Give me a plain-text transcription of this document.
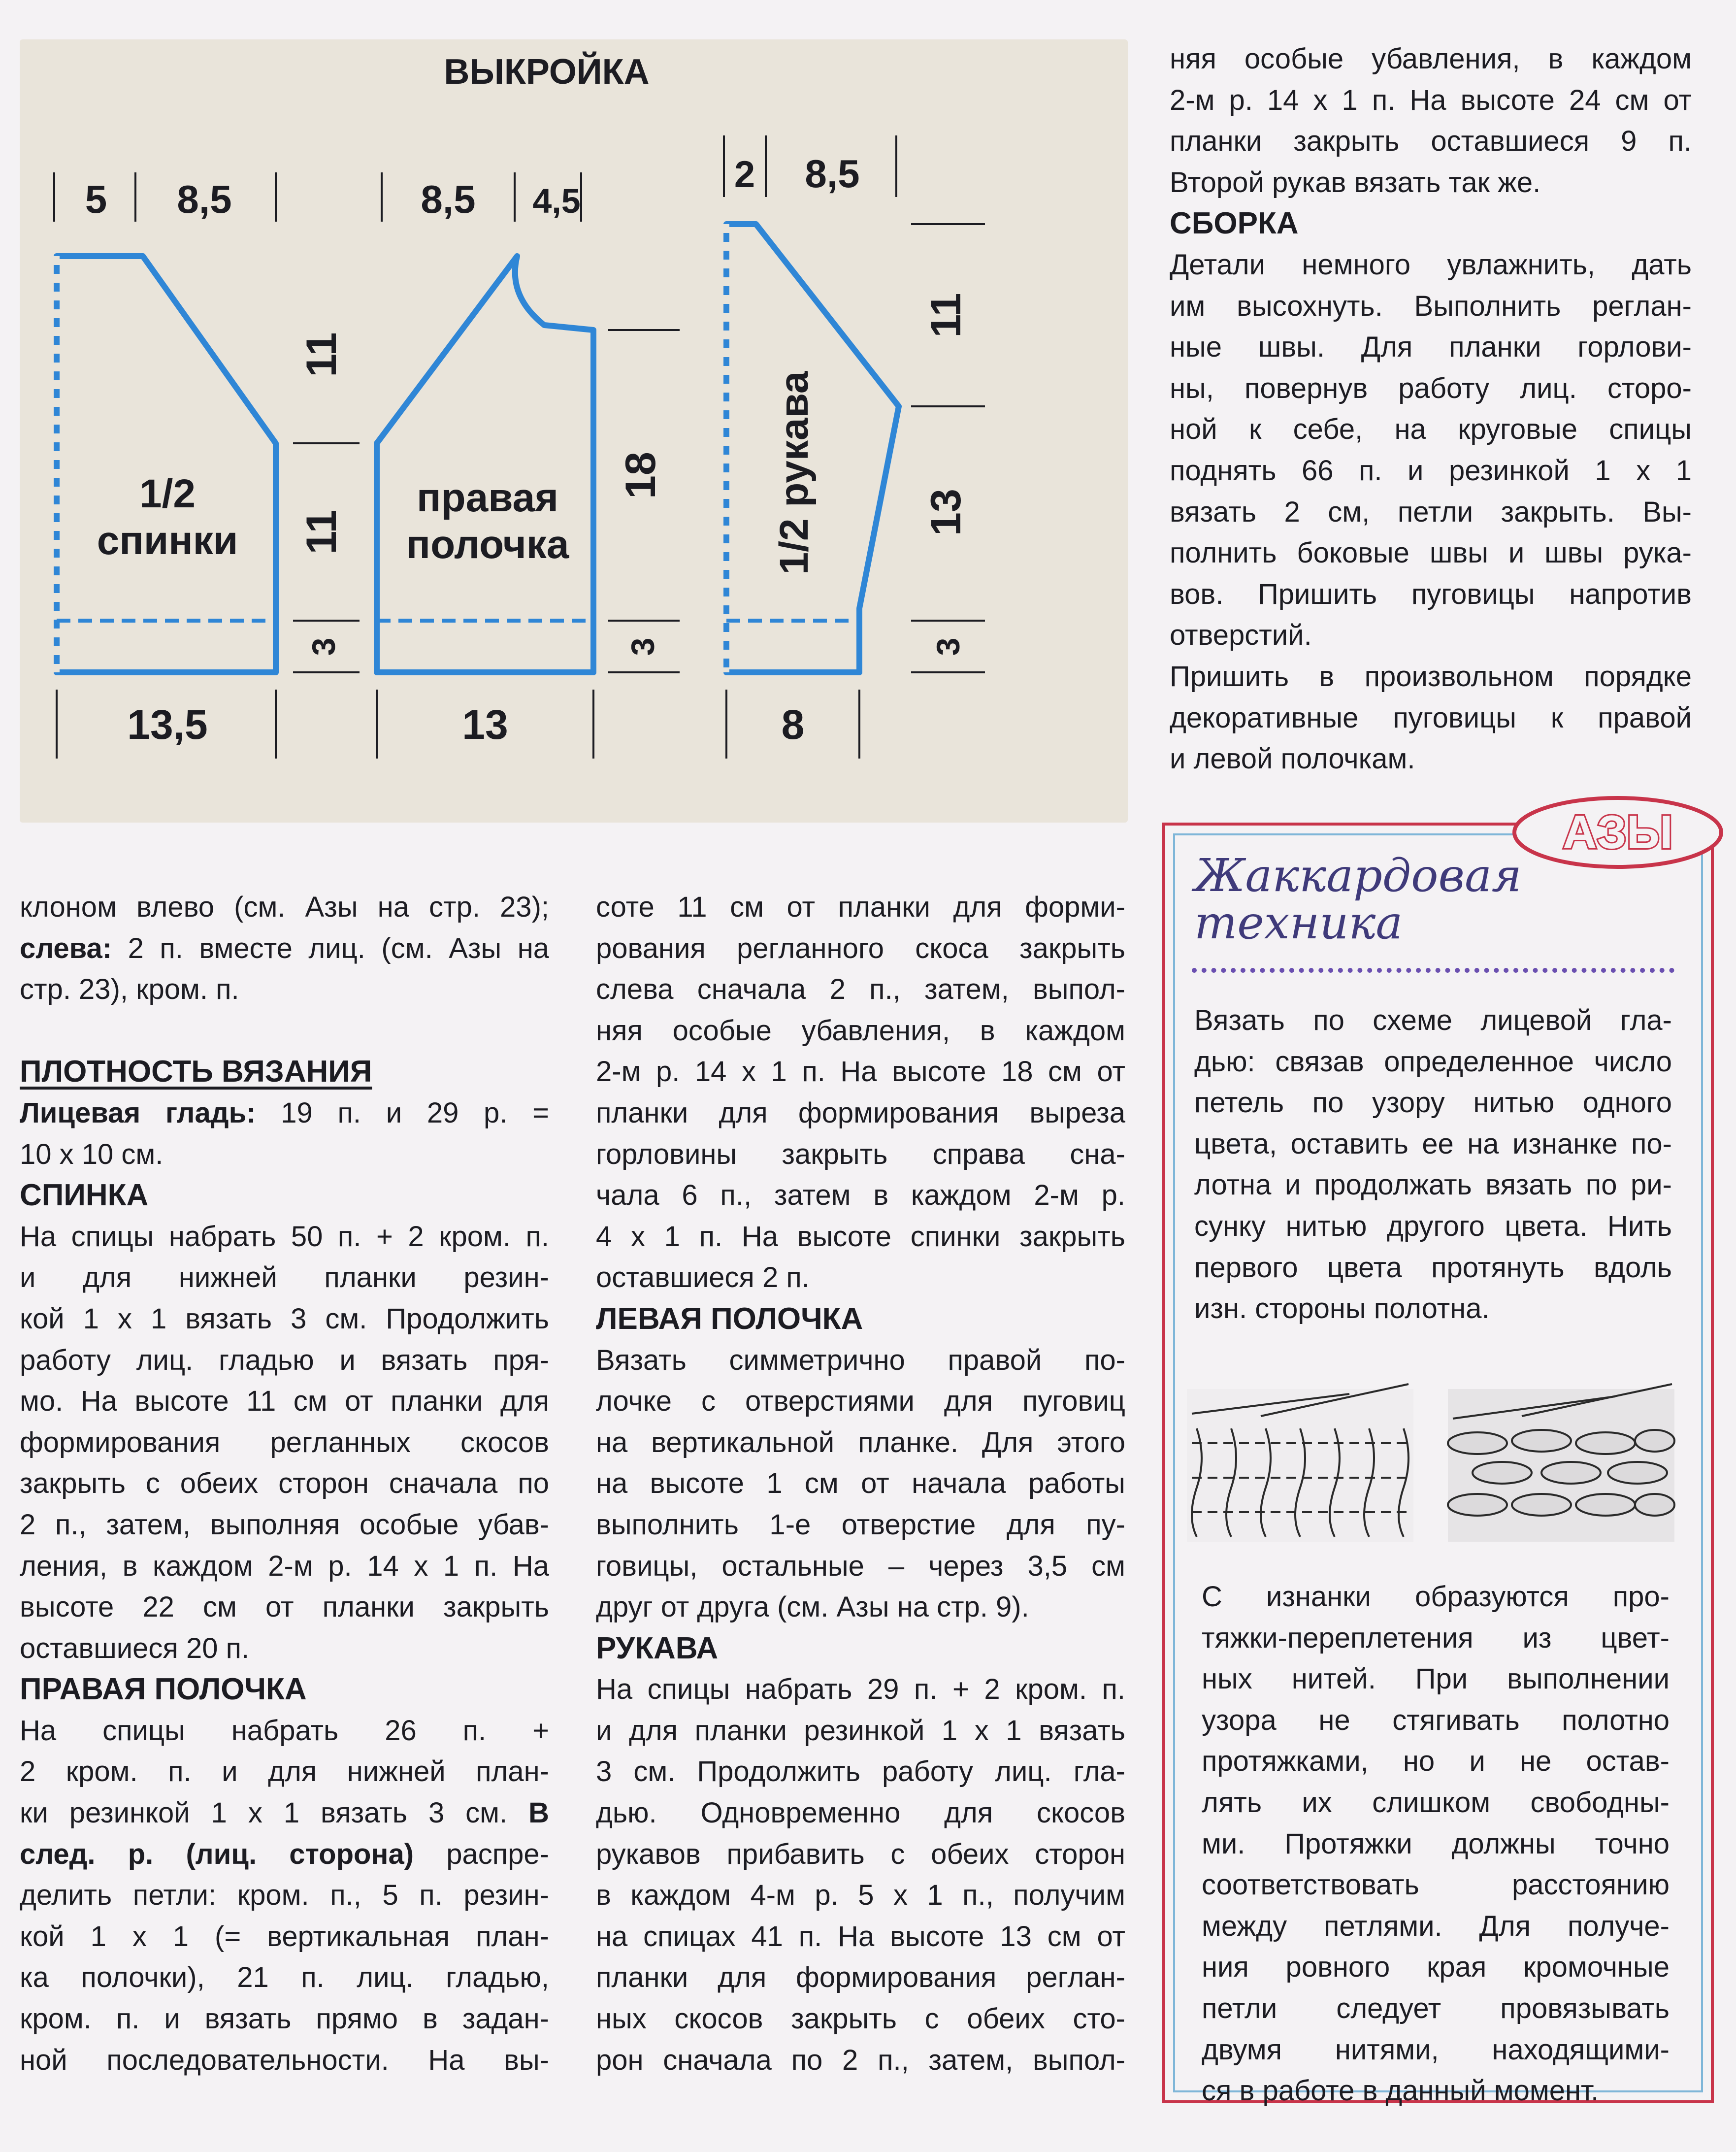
ВЫКРОЙКА
5 8,5	8,5 4,5
2 8,5
11
11
3
18
3
11
13
3
1/2
спинки
правая
полочка	1/2 рукава
13,5	13	8
клоном влево (см. Азы на стр. 23);
слева: 2 п. вместе лиц. (см. Азы на
стр. 23), кром. п.
ПЛОТНОСТЬ ВЯЗАНИЯ
Лицевая гладь: 19 п. и 29 р. =
10 х 10 см.
СПИНКА
На спицы набрать 50 п. + 2 кром. п.
и для нижней планки резин-
кой 1 х 1 вязать 3 см. Продолжить
работу лиц. гладью и вязать пря-
мо. На высоте 11 см от планки для
формирования регланных скосов
закрыть с обеих сторон сначала по
2 п., затем, выполняя особые убав-
ления, в каждом 2-м р. 14 х 1 п. На
высоте 22 см от планки закрыть
оставшиеся 20 п.
ПРАВАЯ ПОЛОЧКА
На спицы набрать 26 п. +
2 кром. п. и для нижней план-
ки резинкой 1 х 1 вязать 3 см. В
след. р. (лиц. сторона) распре-
делить петли: кром. п., 5 п. резин-
кой 1 х 1 (= вертикальная план-
ка полочки), 21 п. лиц. гладью,
кром. п. и вязать прямо в задан-
ной последовательности. На вы-
соте 11 см от планки для форми-
рования регланного скоса закрыть
слева сначала 2 п., затем, выпол-
няя особые убавления, в каждом
2-м р. 14 х 1 п. На высоте 18 см от
планки для формирования выреза
горловины закрыть справа сна-
чала 6 п., затем в каждом 2-м р.
4 х 1 п. На высоте спинки закрыть
оставшиеся 2 п.
ЛЕВАЯ ПОЛОЧКА
Вязать симметрично правой по-
лочке с отверстиями для пуговиц
на вертикальной планке. Для этого
на высоте 1 см от начала работы
выполнить 1-е отверстие для пу-
говицы, остальные – через 3,5 см
друг от друга (см. Азы на стр. 9).
РУКАВА
На спицы набрать 29 п. + 2 кром. п.
и для планки резинкой 1 х 1 вязать
3 см. Продолжить работу лиц. гла-
дью. Одновременно для скосов
рукавов прибавить с обеих сторон
в каждом 4-м р. 5 х 1 п., получим
на спицах 41 п. На высоте 13 см от
планки для формирования реглан-
ных скосов закрыть с обеих сто-
рон сначала по 2 п., затем, выпол-
няя особые убавления, в каждом
2-м р. 14 х 1 п. На высоте 24 см от
планки закрыть оставшиеся 9 п.
Второй рукав вязать так же.
СБОРКА
Детали немного увлажнить, дать
им высохнуть. Выполнить реглан-
ные швы. Для планки горлови-
ны, повернув работу лиц. сторо-
ной к себе, на круговые спицы
поднять 66 п. и резинкой 1 х 1
вязать 2 см, петли закрыть. Вы-
полнить боковые швы и швы рука-
вов. Пришить пуговицы напротив
отверстий.
Пришить в произвольном порядке
декоративные пуговицы к правой
и левой полочкам.
АЗЫ
Жаккардовая
техника
Вязать по схеме лицевой гла-
дью: связав определенное число
петель по узору нитью одного
цвета, оставить ее на изнанке по-
лотна и продолжать вязать по ри-
сунку нитью другого цвета. Нить
первого цвета протянуть вдоль
изн. стороны полотна.
С изнанки образуются про-
тяжки-переплетения из цвет-
ных нитей. При выполнении
узора не стягивать полотно
протяжками, но и не остав-
лять их слишком свободны-
ми. Протяжки должны точно
соответствовать расстоянию
между петлями. Для получе-
ния ровного края кромочные
петли следует провязывать
двумя нитями, находящими-
ся в работе в данный момент.
